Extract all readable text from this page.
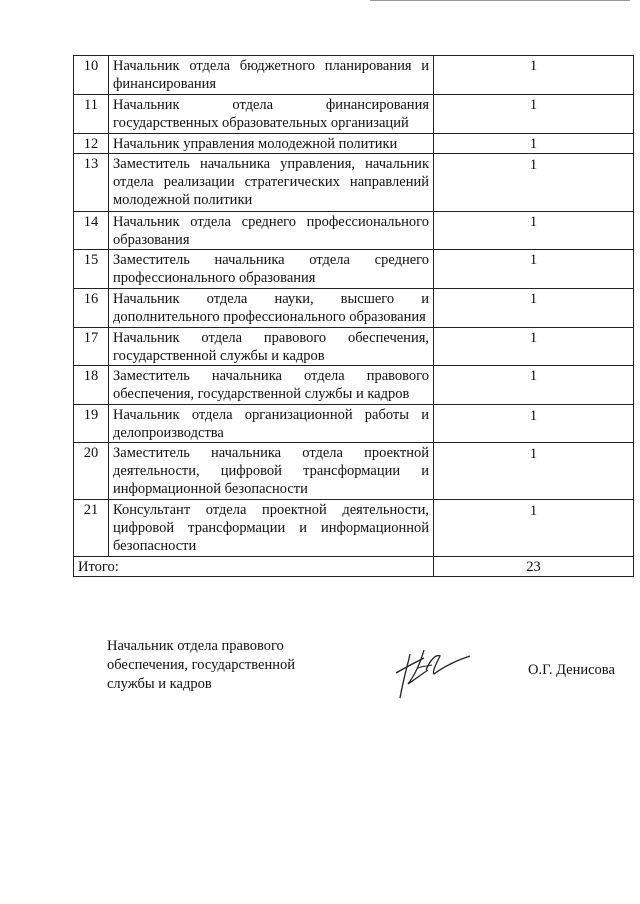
10	Начальник отдела бюджетного планирования и финансирования	1
11	Начальник отдела финансирования государственных образовательных организаций	1
12	Начальник управления молодежной политики	1
13	Заместитель начальника управления, начальник отдела реализации стратегических направлений молодежной политики	1
14	Начальник отдела среднего профессионального образования	1
15	Заместитель начальника отдела среднего профессионального образования	1
16	Начальник отдела науки, высшего и дополнительного профессионального образования	1
17	Начальник отдела правового обеспечения, государственной службы и кадров	1
18	Заместитель начальника отдела правового обеспечения, государственной службы и кадров	1
19	Начальник отдела организационной работы и делопроизводства	1
20	Заместитель начальника отдела проектной деятельности, цифровой трансформации и информационной безопасности	1
21	Консультант отдела проектной деятельности, цифровой трансформации и информационной безопасности	1
Итого:		23
Начальник отдела правового
обеспечения, государственной
службы и кадров
О.Г. Денисова
